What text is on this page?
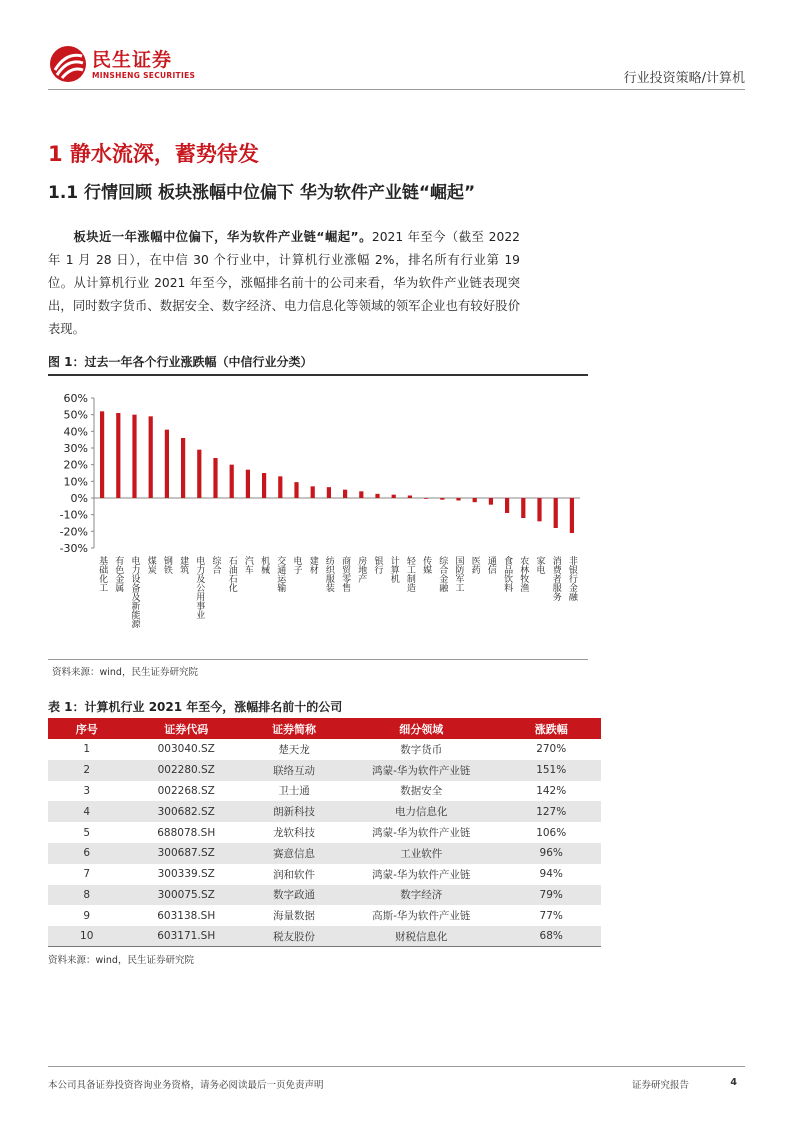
民生证券
MINSHENG SECURITIES	行业投资策略/计算机
1 静水流深，蓄势待发
1.1 行情回顾 板块涨幅中位偏下 华为软件产业链“崛起”
板块近一年涨幅中位偏下，华为软件产业链“崛起”。2021 年至今（截至 2022 年 1 月 28 日），在中信 30 个行业中，计算机行业涨幅 2%，排名所有行业第 19 位。从计算机行业 2021 年至今，涨幅排名前十的公司来看，华为软件产业链表现突出，同时数字货币、数据安全、数字经济、电力信息化等领域的领军企业也有较好股价表现。
图 1：过去一年各个行业涨跌幅（中信行业分类）
60%
50%
40%
30%
20%
10%
0%
-10%
-20%
-30%
基础化工 有色金属 电力设备及新能源 煤炭 钢铁 建筑 电力及公用事业 综合 石油石化 汽车 机械 交通运输 电子 建材 纺织服装 商贸零售 房地产 银行 计算机 轻工制造 传媒 综合金融 国防军工 医药 通信 食品饮料 农林牧渔 家电 消费者服务 非银行金融
资料来源：wind，民生证券研究院
表 1：计算机行业 2021 年至今，涨幅排名前十的公司
序号	证券代码	证券简称	细分领域	涨跌幅
1	003040.SZ	楚天龙	数字货币	270%
2	002280.SZ	联络互动	鸿蒙-华为软件产业链	151%
3	002268.SZ	卫士通	数据安全	142%
4	300682.SZ	朗新科技	电力信息化	127%
5	688078.SH	龙软科技	鸿蒙-华为软件产业链	106%
6	300687.SZ	赛意信息	工业软件	96%
7	300339.SZ	润和软件	鸿蒙-华为软件产业链	94%
8	300075.SZ	数字政通	数字经济	79%
9	603138.SH	海量数据	高斯-华为软件产业链	77%
10	603171.SH	税友股份	财税信息化	68%
资料来源：wind，民生证券研究院
本公司具备证券投资咨询业务资格，请务必阅读最后一页免责声明	证券研究报告	4
